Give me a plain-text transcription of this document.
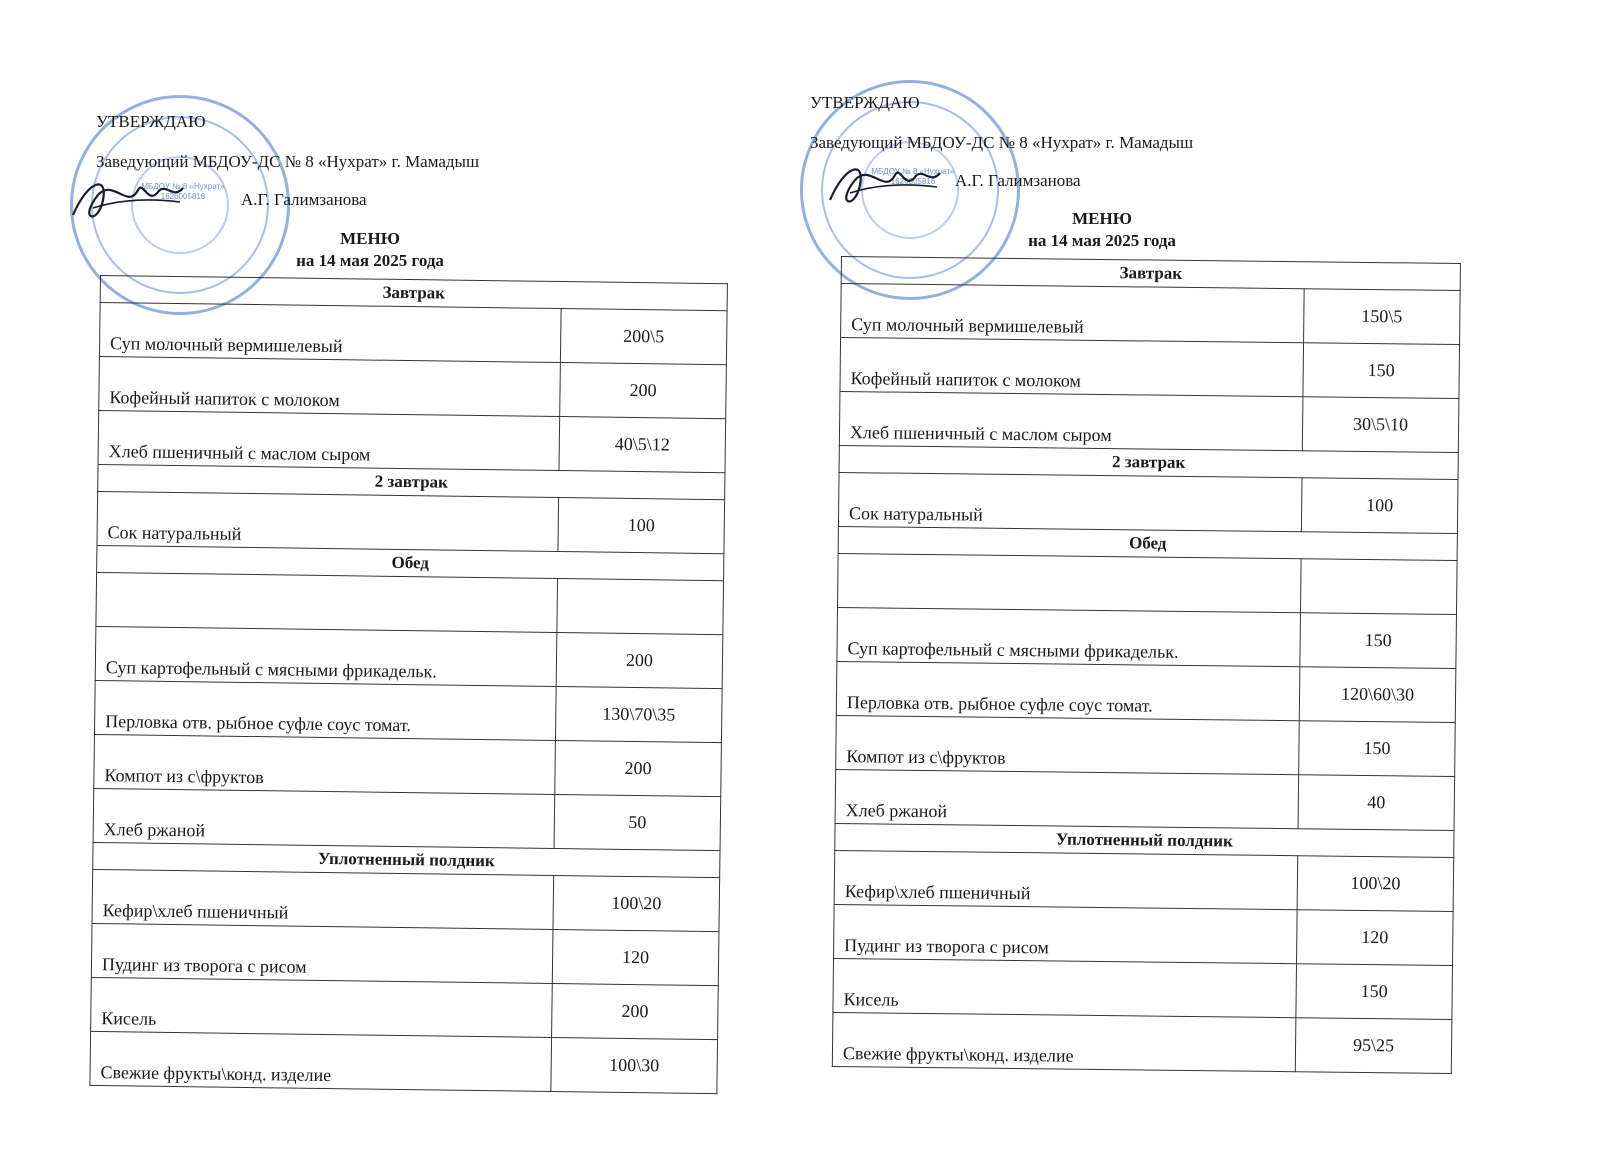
МБДОУ № 8 «Нухрат» 1626005816
УТВЕРЖДАЮ
Заведующий МБДОУ-ДС № 8 «Нухрат» г. Мамадыш
А.Г. Галимзанова
МЕНЮ
на 14 мая 2025 года
Завтрак	
Суп молочный вермишелевый	200\5
Кофейный напиток с молоком	200
Хлеб пшеничный с маслом сыром	40\5\12
2 завтрак	
Сок натуральный	100
Обед	

Суп картофельный с мясными фрикадельк.	200
Перловка отв. рыбное суфле соус томат.	130\70\35
Компот из с\фруктов	200
Хлеб ржаной	50
Уплотненный полдник	
Кефир\хлеб пшеничный	100\20
Пудинг из творога с рисом	120
Кисель	200
Свежие фрукты\конд. изделие	100\30
МБДОУ № 8 «Нухрат» 1626005816
УТВЕРЖДАЮ
Заведующий МБДОУ-ДС № 8 «Нухрат» г. Мамадыш
А.Г. Галимзанова
МЕНЮ
на 14 мая 2025 года
Завтрак	
Суп молочный вермишелевый	150\5
Кофейный напиток с молоком	150
Хлеб пшеничный с маслом сыром	30\5\10
2 завтрак	
Сок натуральный	100
Обед	

Суп картофельный с мясными фрикадельк.	150
Перловка отв. рыбное суфле соус томат.	120\60\30
Компот из с\фруктов	150
Хлеб ржаной	40
Уплотненный полдник	
Кефир\хлеб пшеничный	100\20
Пудинг из творога с рисом	120
Кисель	150
Свежие фрукты\конд. изделие	95\25
